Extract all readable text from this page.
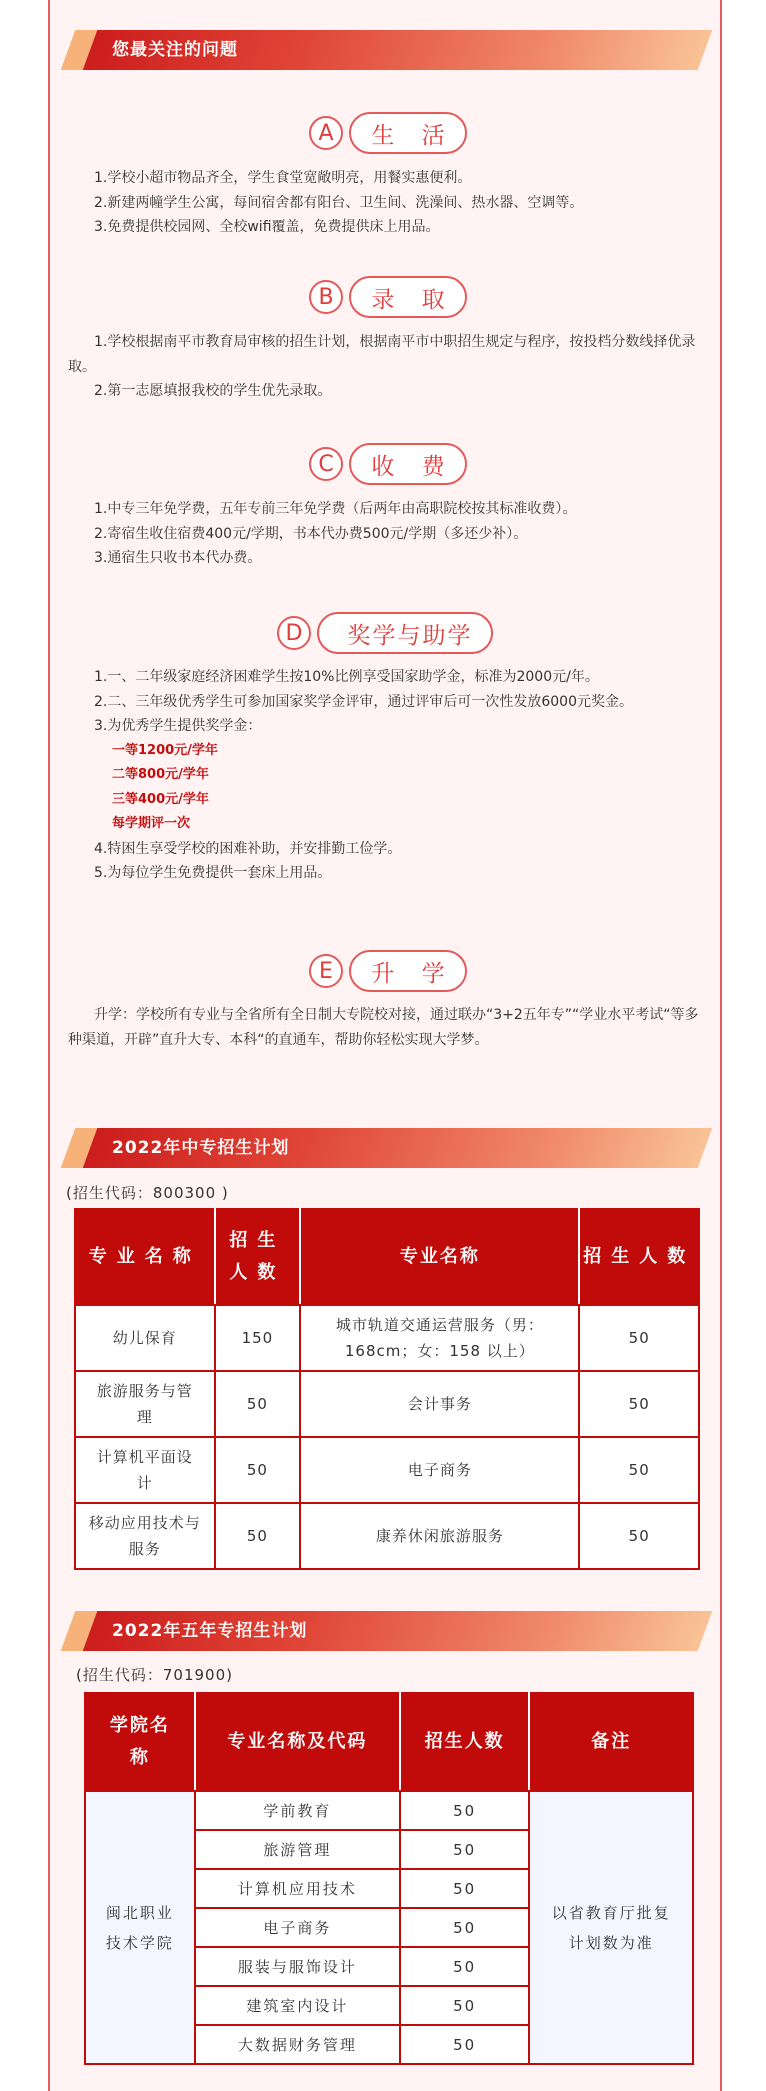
您最关注的问题
A	生 活

1.学校小超市物品齐全，学生食堂宽敞明亮，用餐实惠便利。

2.新建两幢学生公寓，每间宿舍都有阳台、卫生间、洗澡间、热水器、空调等。

3.免费提供校园网、全校wifi覆盖，免费提供床上用品。

B	录 取

1.学校根据南平市教育局审核的招生计划，根据南平市中职招生规定与程序，按投档分数线择优录取。

2.第一志愿填报我校的学生优先录取。

C	收 费

1.中专三年免学费，五年专前三年免学费（后两年由高职院校按其标准收费）。

2.寄宿生收住宿费400元/学期，书本代办费500元/学期（多还少补）。

3.通宿生只收书本代办费。

D	奖学与助学

1.一、二年级家庭经济困难学生按10%比例享受国家助学金，标准为2000元/年。

2.二、三年级优秀学生可参加国家奖学金评审，通过评审后可一次性发放6000元奖金。

3.为优秀学生提供奖学金：

一等1200元/学年

二等800元/学年

三等400元/学年

每学期评一次

4.特困生享受学校的困难补助，并安排勤工俭学。

5.为每位学生免费提供一套床上用品。

E	升 学

升学：学校所有专业与全省所有全日制大专院校对接，通过联办“3+2五年专”“学业水平考试“等多种渠道，开辟”直升大专、本科“的直通车，帮助你轻松实现大学梦。

2022年中专招生计划
(招生代码：800300 )
专业名称	招生人数	专业名称	招生人数
幼儿保育	150	城市轨道交通运营服务（男：168cm；女：158 以上）	50
旅游服务与管理	50	会计事务	50
计算机平面设计	50	电子商务	50
移动应用技术与服务	50	康养休闲旅游服务	50
2022年五年专招生计划
(招生代码：701900)
学院名称	专业名称及代码	招生人数	备注
闽北职业技术学院	学前教育	50	以省教育厅批复计划数为准
	旅游管理	50	
	计算机应用技术	50	
	电子商务	50	
	服装与服饰设计	50	
	建筑室内设计	50	
	大数据财务管理	50	
